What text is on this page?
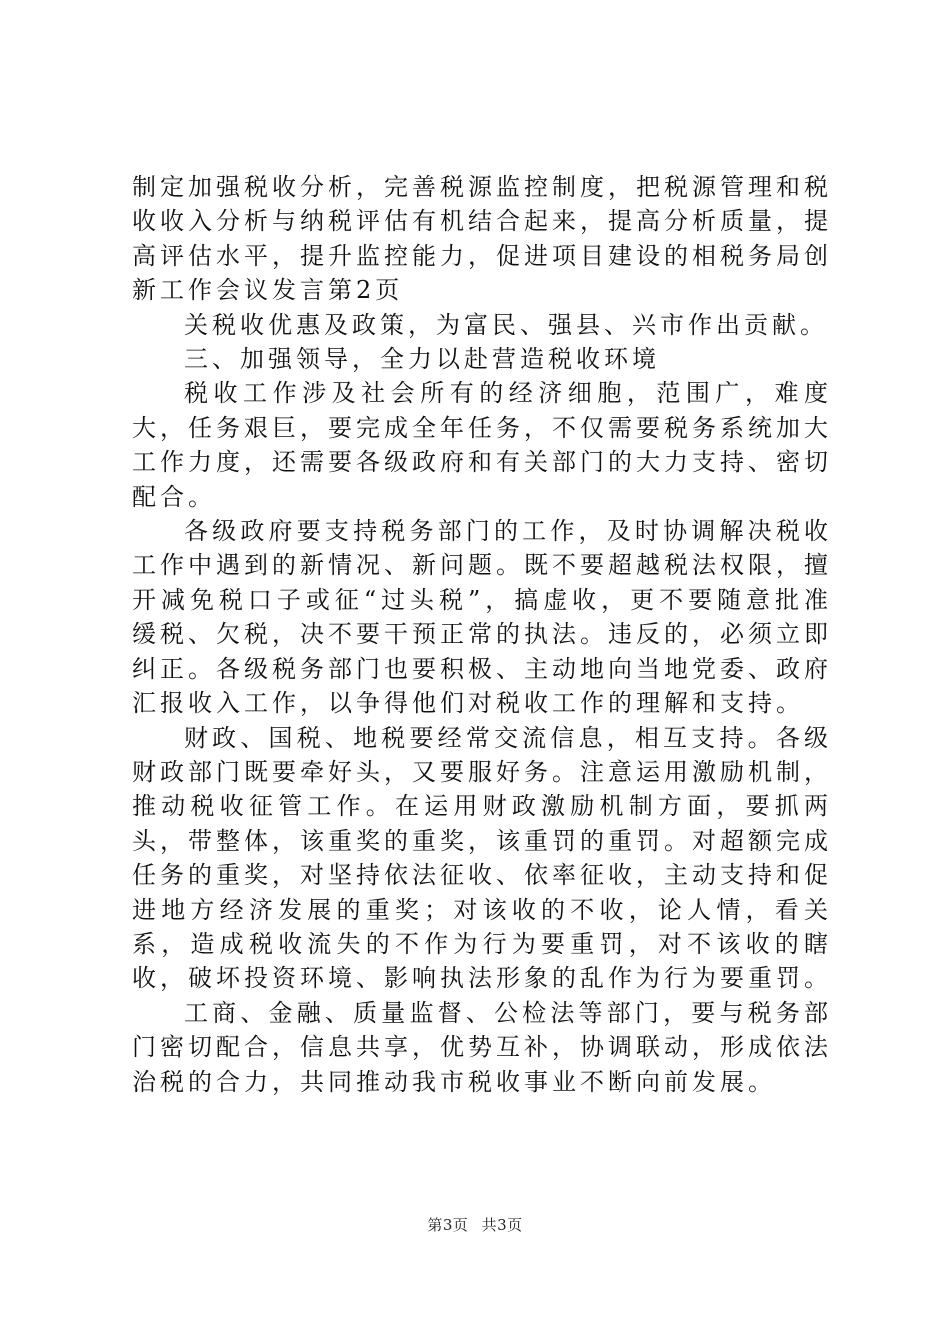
制定加强税收分析，完善税源监控制度，把税源管理和税收收入分析与纳税评估有机结合起来，提高分析质量，提高评估水平，提升监控能力，促进项目建设的相税务局创新工作会议发言第2页

关税收优惠及政策，为富民、强县、兴市作出贡献。

三、加强领导，全力以赴营造税收环境

税收工作涉及社会所有的经济细胞，范围广，难度大，任务艰巨，要完成全年任务，不仅需要税务系统加大工作力度，还需要各级政府和有关部门的大力支持、密切配合。

各级政府要支持税务部门的工作，及时协调解决税收工作中遇到的新情况、新问题。既不要超越税法权限，擅开减免税口子或征“过头税”，搞虚收，更不要随意批准缓税、欠税，决不要干预正常的执法。违反的，必须立即纠正。各级税务部门也要积极、主动地向当地党委、政府汇报收入工作，以争得他们对税收工作的理解和支持。

财政、国税、地税要经常交流信息，相互支持。各级财政部门既要牵好头，又要服好务。注意运用激励机制，推动税收征管工作。在运用财政激励机制方面，要抓两头，带整体，该重奖的重奖，该重罚的重罚。对超额完成任务的重奖，对坚持依法征收、依率征收，主动支持和促进地方经济发展的重奖；对该收的不收，论人情，看关系，造成税收流失的不作为行为要重罚，对不该收的瞎收，破坏投资环境、影响执法形象的乱作为行为要重罚。

工商、金融、质量监督、公检法等部门，要与税务部门密切配合，信息共享，优势互补，协调联动，形成依法治税的合力，共同推动我市税收事业不断向前发展。

第3页 共3页
